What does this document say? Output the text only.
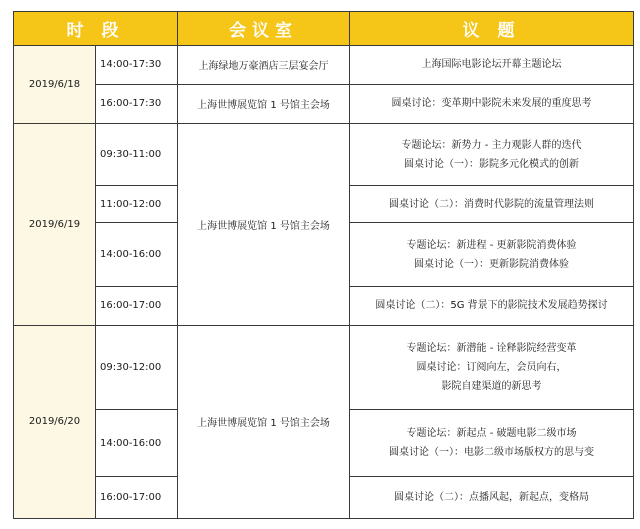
时 段		会议室	议 题
2019/6/18	14:00-17:30	上海绿地万豪酒店三层宴会厅	上海国际电影论坛开幕主题论坛

	16:00-17:30	上海世博展览馆 1 号馆主会场	圆桌讨论：变革期中影院未来发展的重度思考

2019/6/19	09:30-11:00	上海世博展览馆 1 号馆主会场	专题论坛：新势力 - 主力观影人群的迭代
圆桌讨论（一）：影院多元化模式的创新

	11:00-12:00		圆桌讨论（二）：消费时代影院的流量管理法则

	14:00-16:00		专题论坛：新进程 - 更新影院消费体验
圆桌讨论（一）：更新影院消费体验

	16:00-17:00		圆桌讨论（二）：5G 背景下的影院技术发展趋势探讨

2019/6/20	09:30-12:00	上海世博展览馆 1 号馆主会场	专题论坛：新潜能 - 诠释影院经营变革
圆桌讨论：订阅向左，会员向右，
影院自建渠道的新思考

	14:00-16:00		专题论坛：新起点 - 破题电影二级市场
圆桌讨论（一）：电影二级市场版权方的思与变

	16:00-17:00		圆桌讨论（二）：点播风起，新起点，变格局
